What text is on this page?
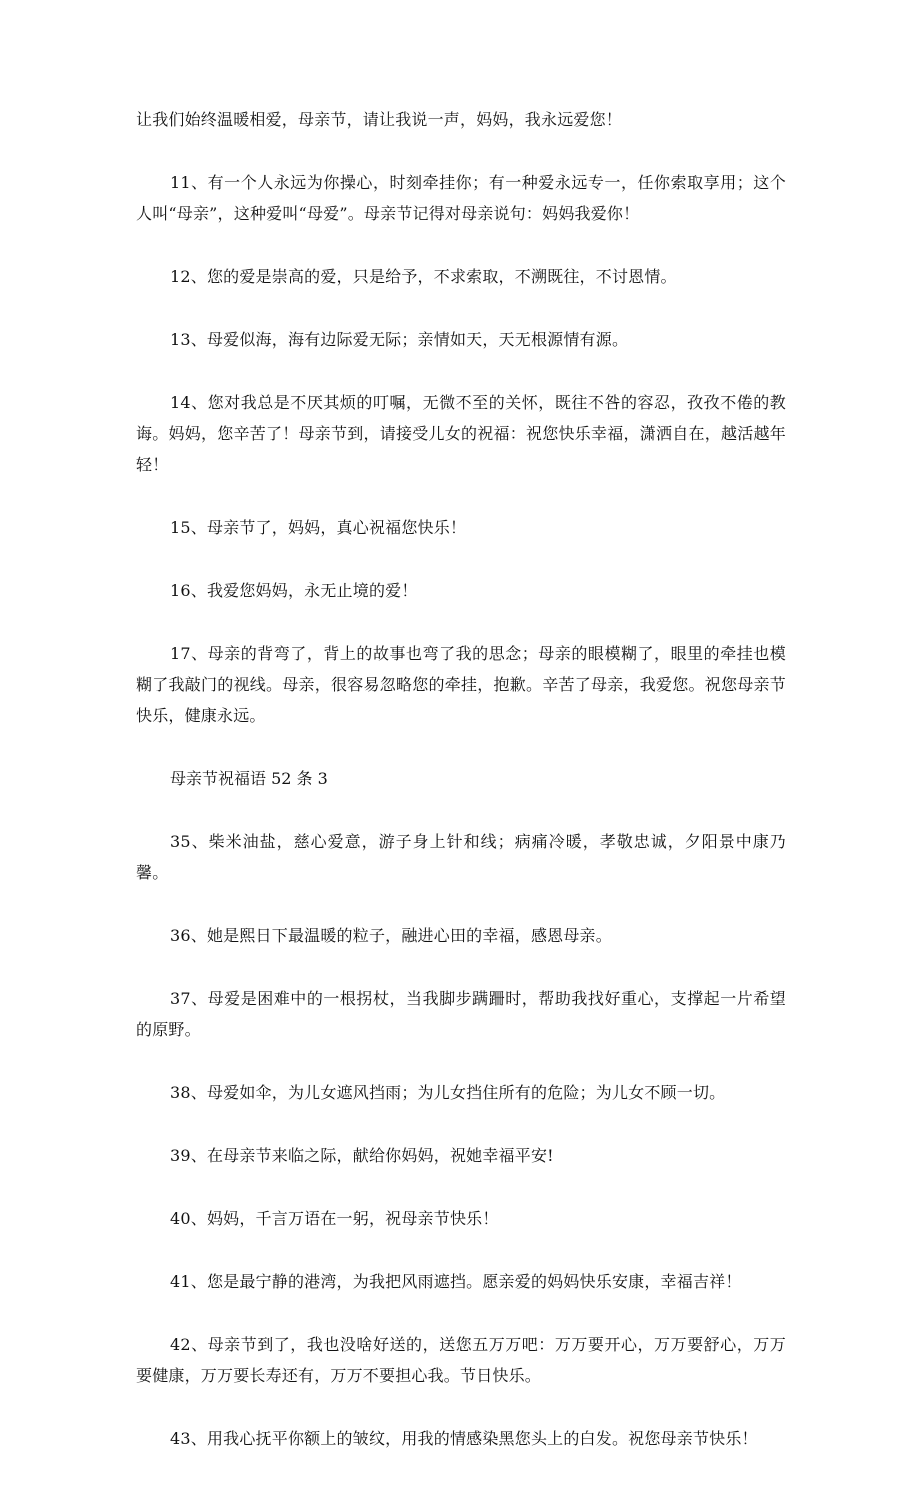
让我们始终温暖相爱，母亲节，请让我说一声，妈妈，我永远爱您！

11、有一个人永远为你操心，时刻牵挂你；有一种爱永远专一，任你索取享用；这个人叫“母亲”，这种爱叫“母爱”。母亲节记得对母亲说句：妈妈我爱你！

12、您的爱是崇高的爱，只是给予，不求索取，不溯既往，不讨恩情。

13、母爱似海，海有边际爱无际；亲情如天，天无根源情有源。

14、您对我总是不厌其烦的叮嘱，无微不至的关怀，既往不咎的容忍，孜孜不倦的教诲。妈妈，您辛苦了！母亲节到，请接受儿女的祝福：祝您快乐幸福，潇洒自在，越活越年轻！

15、母亲节了，妈妈，真心祝福您快乐！

16、我爱您妈妈，永无止境的爱！

17、母亲的背弯了，背上的故事也弯了我的思念；母亲的眼模糊了，眼里的牵挂也模糊了我敲门的视线。母亲，很容易忽略您的牵挂，抱歉。辛苦了母亲，我爱您。祝您母亲节快乐，健康永远。

母亲节祝福语 52 条 3

35、柴米油盐，慈心爱意，游子身上针和线；病痛冷暖，孝敬忠诚，夕阳景中康乃馨。

36、她是熙日下最温暖的粒子，融进心田的幸福，感恩母亲。

37、母爱是困难中的一根拐杖，当我脚步蹒跚时，帮助我找好重心，支撑起一片希望的原野。

38、母爱如伞，为儿女遮风挡雨；为儿女挡住所有的危险；为儿女不顾一切。

39、在母亲节来临之际，献给你妈妈，祝她幸福平安!

40、妈妈，千言万语在一躬，祝母亲节快乐！

41、您是最宁静的港湾，为我把风雨遮挡。愿亲爱的妈妈快乐安康，幸福吉祥！

42、母亲节到了，我也没啥好送的，送您五万万吧：万万要开心，万万要舒心，万万要健康，万万要长寿还有，万万不要担心我。节日快乐。

43、用我心抚平你额上的皱纹，用我的情感染黑您头上的白发。祝您母亲节快乐！
